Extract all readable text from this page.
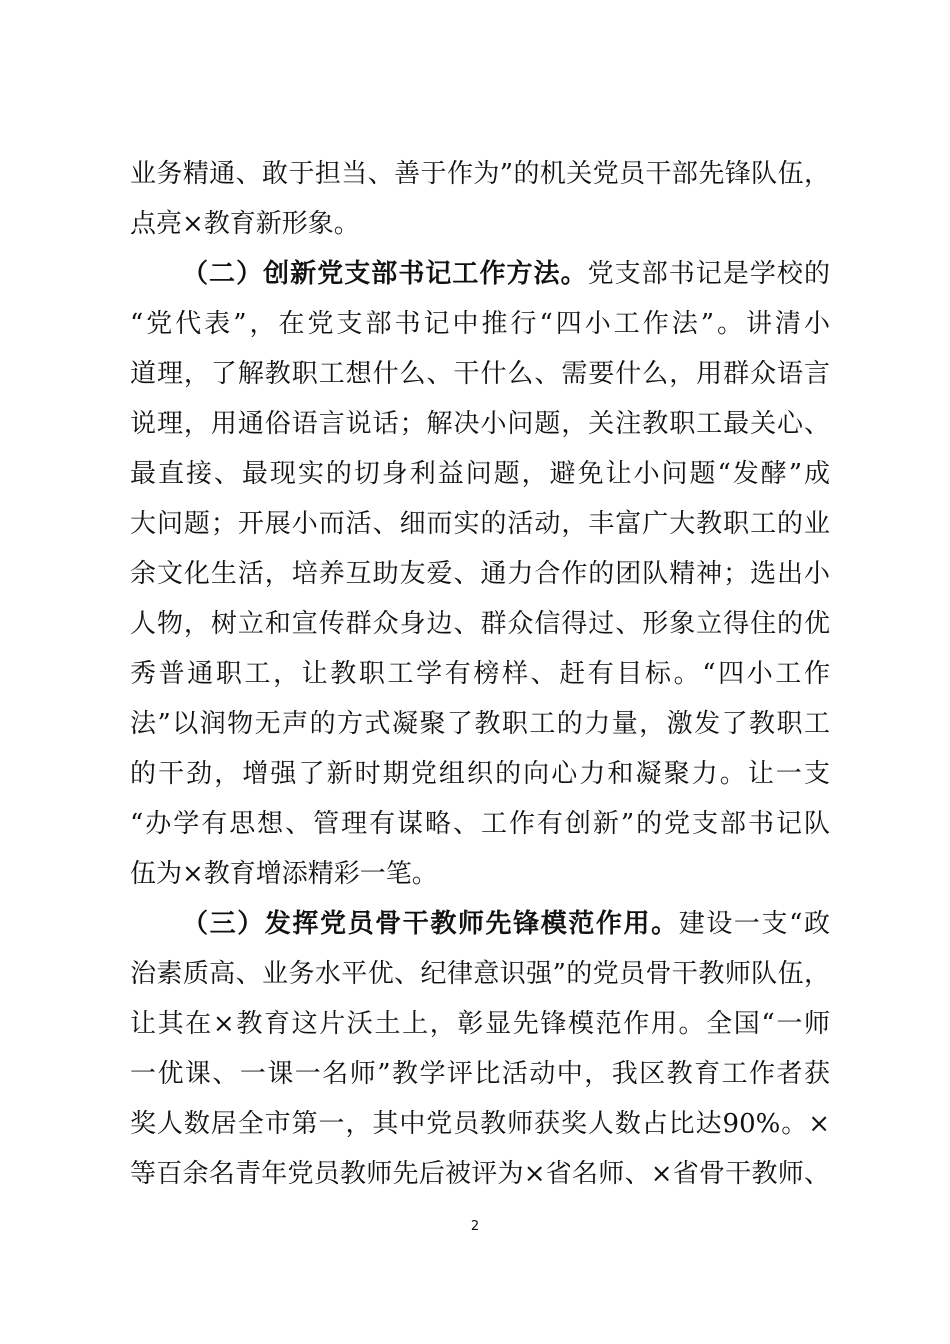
业务精通、敢于担当、善于作为”的机关党员干部先锋队伍，
点亮×教育新形象。
（二）创新党支部书记工作方法。党支部书记是学校的
“党代表”，在党支部书记中推行“四小工作法”。讲清小
道理，了解教职工想什么、干什么、需要什么，用群众语言
说理，用通俗语言说话；解决小问题，关注教职工最关心、
最直接、最现实的切身利益问题，避免让小问题“发酵”成
大问题；开展小而活、细而实的活动，丰富广大教职工的业
余文化生活，培养互助友爱、通力合作的团队精神；选出小
人物，树立和宣传群众身边、群众信得过、形象立得住的优
秀普通职工，让教职工学有榜样、赶有目标。“四小工作
法”以润物无声的方式凝聚了教职工的力量，激发了教职工
的干劲，增强了新时期党组织的向心力和凝聚力。让一支
“办学有思想、管理有谋略、工作有创新”的党支部书记队
伍为×教育增添精彩一笔。
（三）发挥党员骨干教师先锋模范作用。建设一支“政
治素质高、业务水平优、纪律意识强”的党员骨干教师队伍，
让其在×教育这片沃土上，彰显先锋模范作用。全国“一师
一优课、一课一名师”教学评比活动中，我区教育工作者获
奖人数居全市第一，其中党员教师获奖人数占比达90%。×
等百余名青年党员教师先后被评为×省名师、×省骨干教师、
2
